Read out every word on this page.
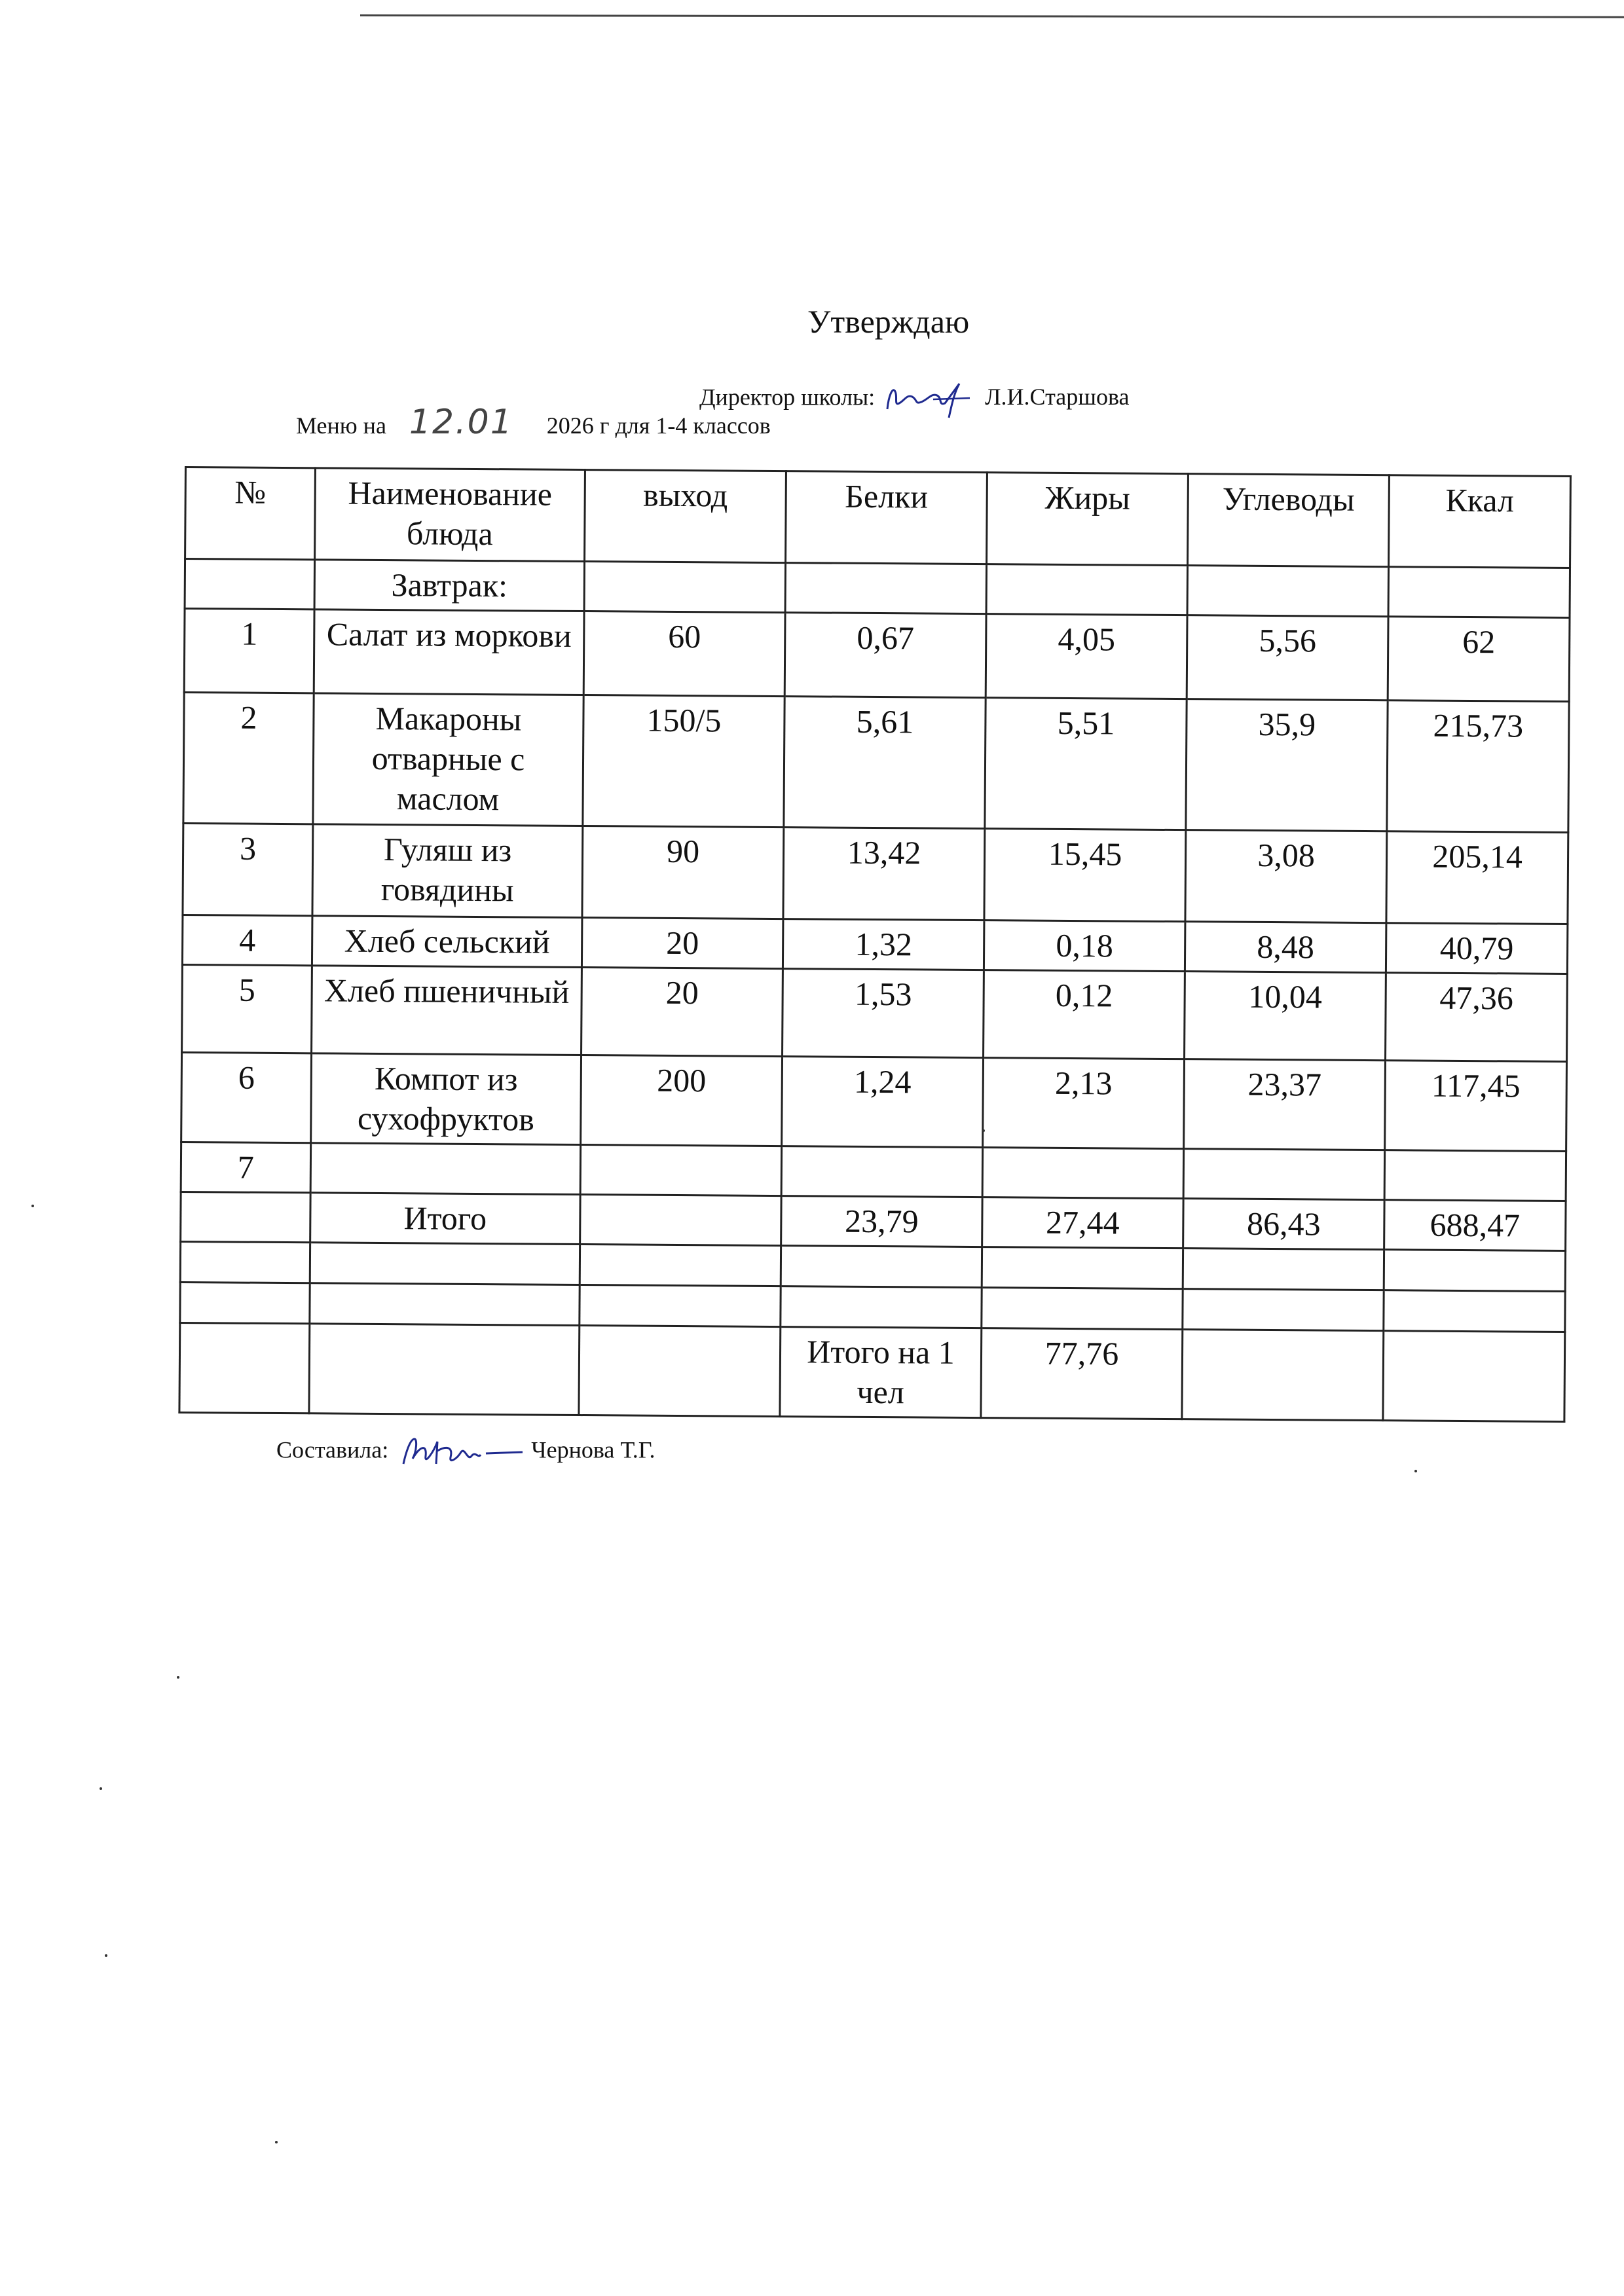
Утверждаю
Директор школы:	Л.И.Старшова
Меню на 12.01 2026 г для 1-4 классов
№	Наименование блюда	выход	Белки	Жиры	Углеводы	Ккал
	Завтрак:					
1	Салат из моркови	60	0,67	4,05	5,56	62
2	Макароны отварные с маслом	150/5	5,61	5,51	35,9	215,73
3	Гуляш из говядины	90	13,42	15,45	3,08	205,14
4	Хлеб сельский	20	1,32	0,18	8,48	40,79
5	Хлеб пшеничный	20	1,53	0,12	10,04	47,36
6	Компот из сухофруктов	200	1,24	2,13	23,37	117,45
7						
	Итого		23,79	27,44	86,43	688,47

			Итого на 1 чел	77,76		
Составила:	Чернова Т.Г.
